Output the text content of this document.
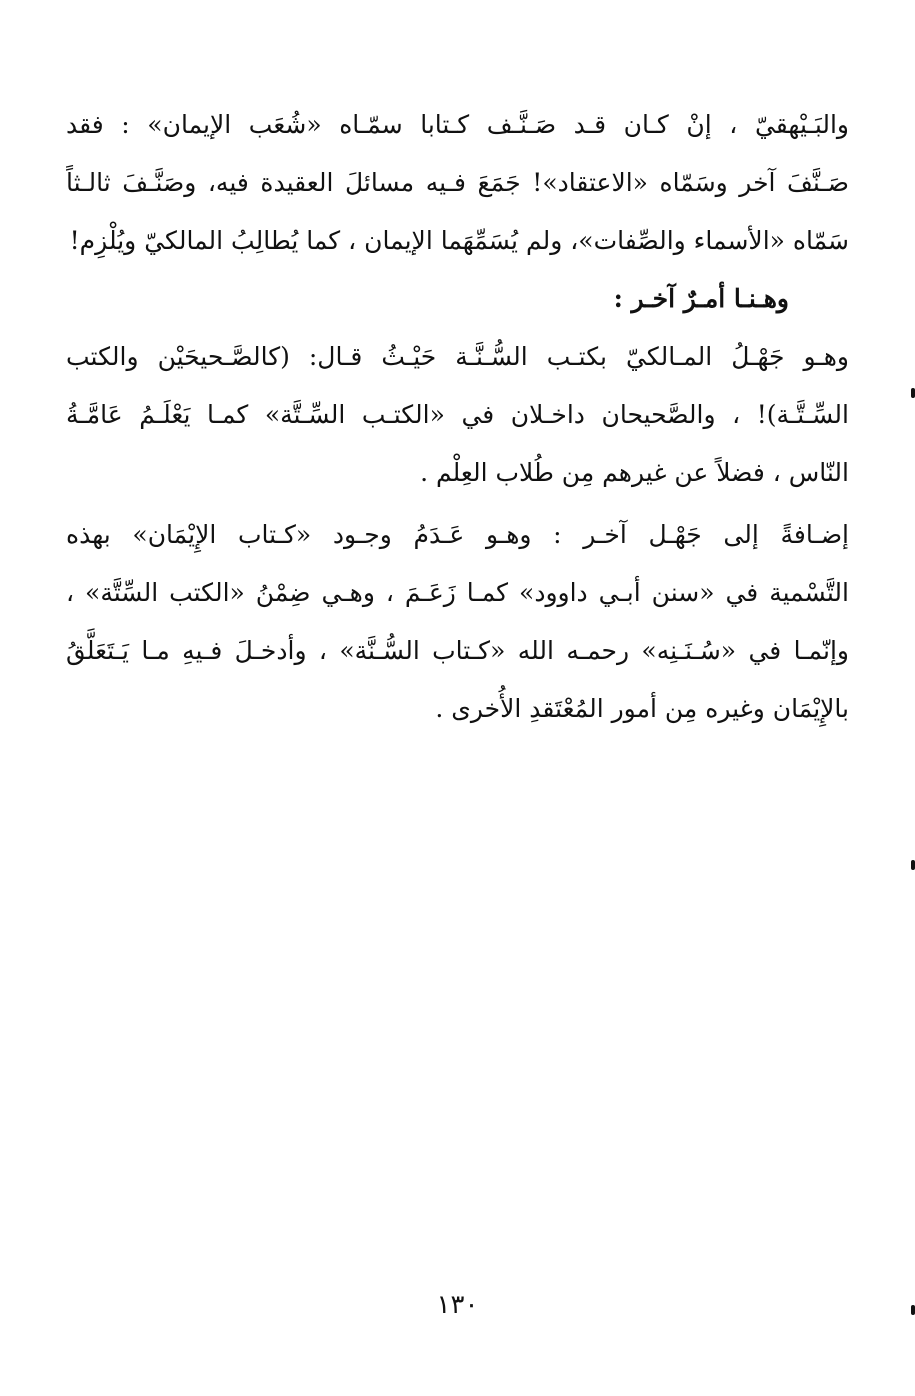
والبَـيْهقيّ ، إنْ كـان قـد صَـنَّـف كـتابا سمّـاه «شُعَب الإيمان» : فقد
صَـنَّفَ آخر وسَمّاه «الاعتقاد»! جَمَعَ فـيه مسائلَ العقيدة فيه، وصَنَّـفَ ثالـثاً
سَمّاه «الأسماء والصِّفات»، ولم يُسَمِّهَما الإيمان ، كما يُطالِبُ المالكيّ ويُلْزِم!
وهـنـا أمـرٌ آخـر :
وهـو جَهْـلُ المـالكيّ بكتـب السُّـنَّـة حَيْـثُ قـال: (كالصَّـحيحَيْن والكتب
السِّـتَّـة)! ، والصَّحيحان داخـلان في «الكتـب السِّـتَّة» كمـا يَعْلَـمُ عَامَّـةُ
النّاس ، فضلاً عن غيرهم مِن طُلاب العِلْم .
إضـافةً إلى جَهْـل آخـر : وهـو عَـدَمُ وجـود «كـتاب الإِيْمَان» بهذه
التَّسْمية في «سنن أبـي داوود» كمـا زَعَـمَ ، وهـي ضِمْنُ «الكتب السِّتَّة» ،
وإنّمـا في «سُـنَـنِه» رحمـه الله «كـتاب السُّـنَّة» ، وأدخـلَ فـيهِ مـا يَـتَعَلَّقُ
بالإِيْمَان وغيره مِن أمور المُعْتَقدِ الأُخرى .
١٣٠
